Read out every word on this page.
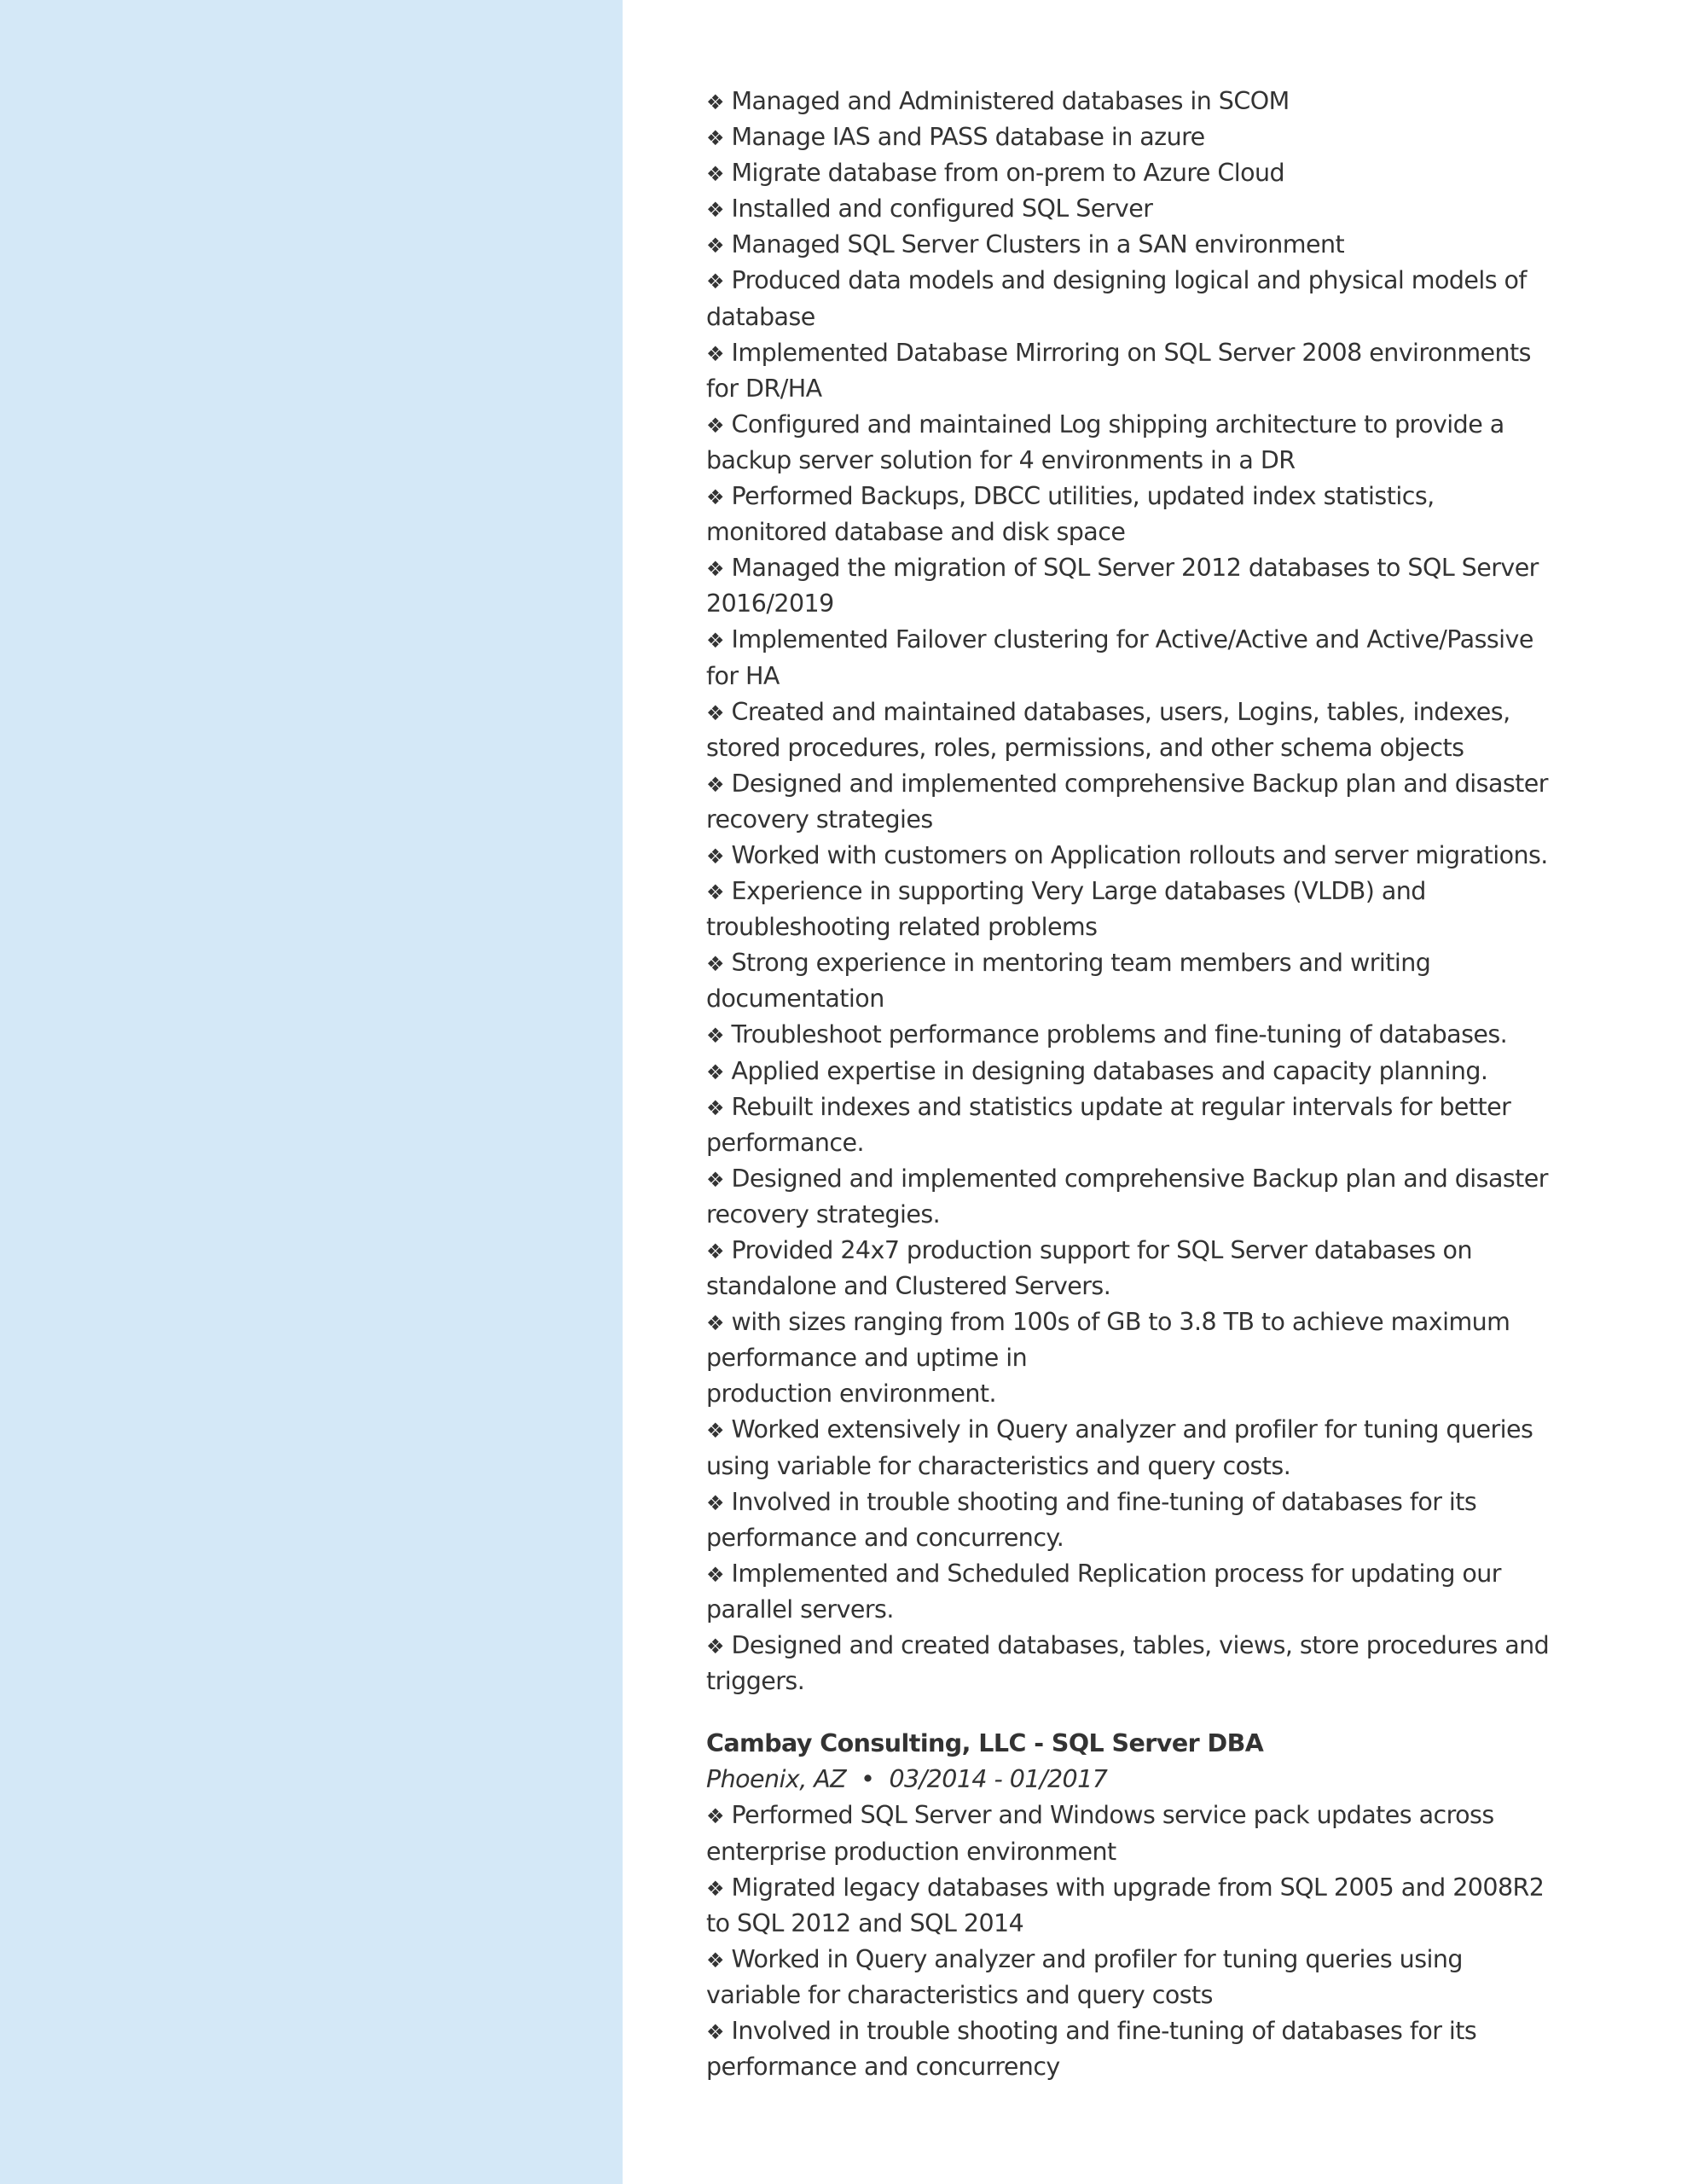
❖ Managed and Administered databases in SCOM
❖ Manage IAS and PASS database in azure
❖ Migrate database from on-prem to Azure Cloud
❖ Installed and configured SQL Server
❖ Managed SQL Server Clusters in a SAN environment
❖ Produced data models and designing logical and physical models of
database
❖ Implemented Database Mirroring on SQL Server 2008 environments
for DR/HA
❖ Configured and maintained Log shipping architecture to provide a
backup server solution for 4 environments in a DR
❖ Performed Backups, DBCC utilities, updated index statistics,
monitored database and disk space
❖ Managed the migration of SQL Server 2012 databases to SQL Server
2016/2019
❖ Implemented Failover clustering for Active/Active and Active/Passive
for HA
❖ Created and maintained databases, users, Logins, tables, indexes,
stored procedures, roles, permissions, and other schema objects
❖ Designed and implemented comprehensive Backup plan and disaster
recovery strategies
❖ Worked with customers on Application rollouts and server migrations.
❖ Experience in supporting Very Large databases (VLDB) and
troubleshooting related problems
❖ Strong experience in mentoring team members and writing
documentation
❖ Troubleshoot performance problems and fine-tuning of databases.
❖ Applied expertise in designing databases and capacity planning.
❖ Rebuilt indexes and statistics update at regular intervals for better
performance.
❖ Designed and implemented comprehensive Backup plan and disaster
recovery strategies.
❖ Provided 24x7 production support for SQL Server databases on
standalone and Clustered Servers.
❖ with sizes ranging from 100s of GB to 3.8 TB to achieve maximum
performance and uptime in
production environment.
❖ Worked extensively in Query analyzer and profiler for tuning queries
using variable for characteristics and query costs.
❖ Involved in trouble shooting and fine-tuning of databases for its
performance and concurrency.
❖ Implemented and Scheduled Replication process for updating our
parallel servers.
❖ Designed and created databases, tables, views, store procedures and
triggers.
Cambay Consulting, LLC - SQL Server DBA
Phoenix, AZ  •  03/2014 - 01/2017
❖ Performed SQL Server and Windows service pack updates across
enterprise production environment
❖ Migrated legacy databases with upgrade from SQL 2005 and 2008R2
to SQL 2012 and SQL 2014
❖ Worked in Query analyzer and profiler for tuning queries using
variable for characteristics and query costs
❖ Involved in trouble shooting and fine-tuning of databases for its
performance and concurrency
